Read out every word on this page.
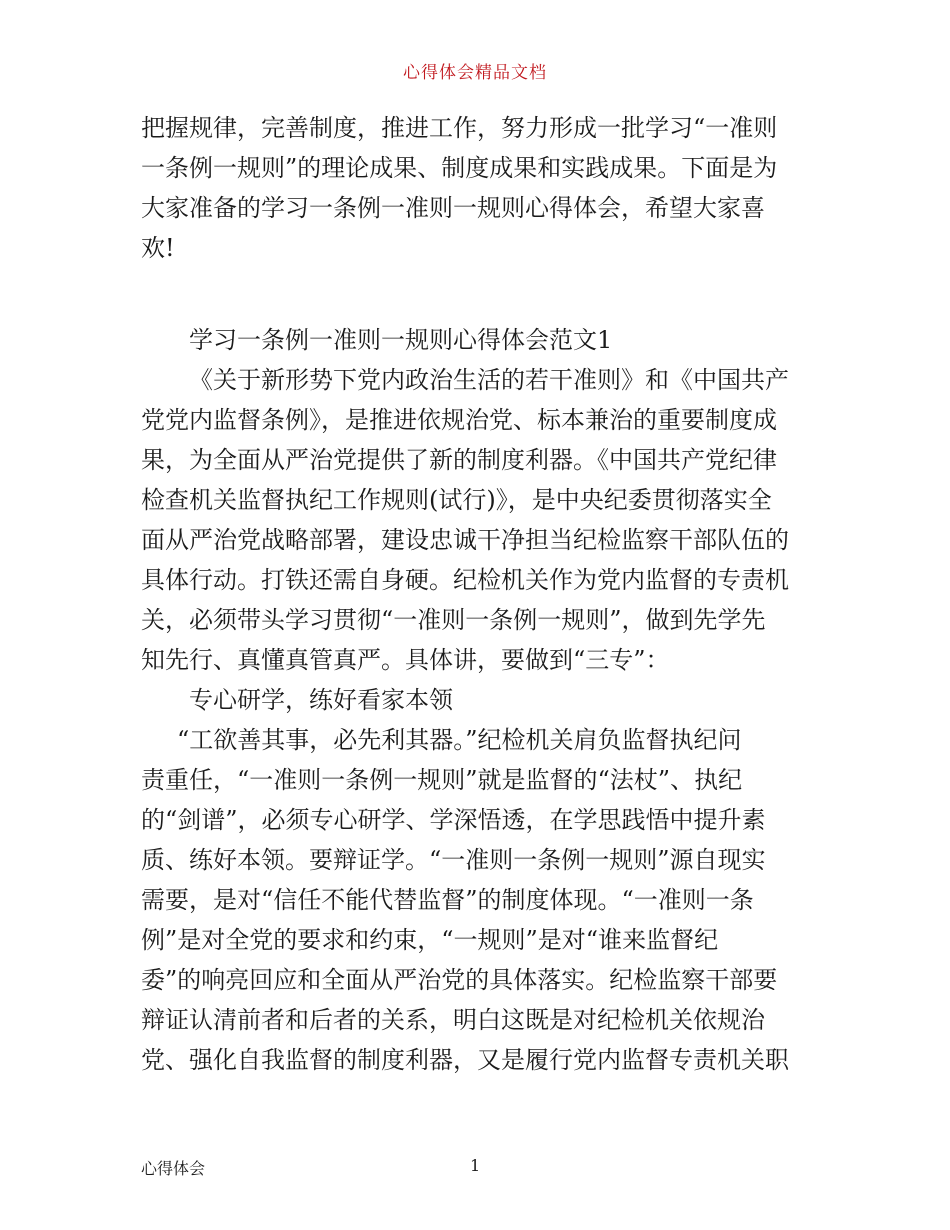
心得体会精品文档
把握规律，完善制度，推进工作，努力形成一批学习“一准则
一条例一规则”的理论成果、制度成果和实践成果。下面是为
大家准备的学习一条例一准则一规则心得体会，希望大家喜
欢!
学习一条例一准则一规则心得体会范文1
《关于新形势下党内政治生活的若干准则》和《中国共产
党党内监督条例》，是推进依规治党、标本兼治的重要制度成
果，为全面从严治党提供了新的制度利器。《中国共产党纪律
检查机关监督执纪工作规则(试行)》，是中央纪委贯彻落实全
面从严治党战略部署，建设忠诚干净担当纪检监察干部队伍的
具体行动。打铁还需自身硬。纪检机关作为党内监督的专责机
关，必须带头学习贯彻“一准则一条例一规则”，做到先学先
知先行、真懂真管真严。具体讲，要做到“三专”：
专心研学，练好看家本领
“工欲善其事，必先利其器。”纪检机关肩负监督执纪问
责重任，“一准则一条例一规则”就是监督的“法杖”、执纪
的“剑谱”，必须专心研学、学深悟透，在学思践悟中提升素
质、练好本领。要辩证学。“一准则一条例一规则”源自现实
需要，是对“信任不能代替监督”的制度体现。“一准则一条
例”是对全党的要求和约束，“一规则”是对“谁来监督纪
委”的响亮回应和全面从严治党的具体落实。纪检监察干部要
辩证认清前者和后者的关系，明白这既是对纪检机关依规治
党、强化自我监督的制度利器，又是履行党内监督专责机关职
心得体会	1
